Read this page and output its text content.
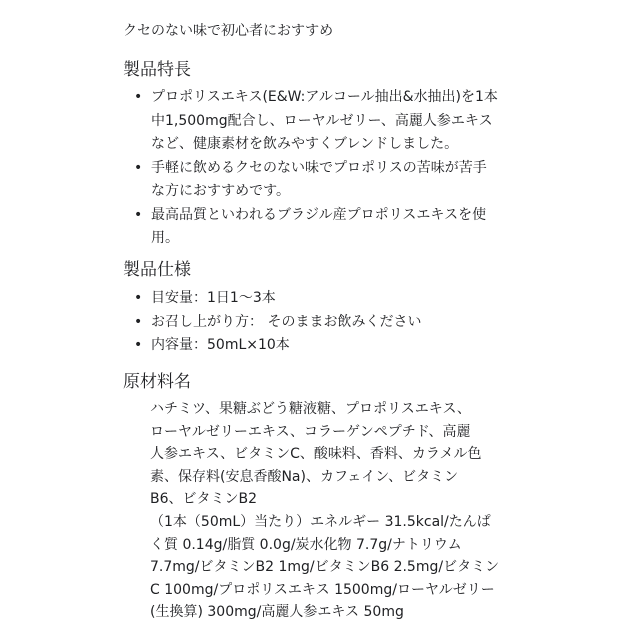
クセのない味で初心者におすすめ
製品特長
• プロポリスエキス(E&W:アルコール抽出&水抽出)を1本
中1,500mg配合し、ローヤルゼリー、高麗人参エキス
など、健康素材を飲みやすくブレンドしました。
• 手軽に飲めるクセのない味でプロポリスの苦味が苦手
な方におすすめです。
• 最高品質といわれるブラジル産プロポリスエキスを使
用。
製品仕様
• 目安量：1日1〜3本
• お召し上がり方： そのままお飲みください
• 内容量：50mL×10本
原材料名
ハチミツ、果糖ぶどう糖液糖、プロポリスエキス、
ローヤルゼリーエキス、コラーゲンペプチド、高麗
人参エキス、ビタミンC、酸味料、香料、カラメル色
素、保存料(安息香酸Na)、カフェイン、ビタミン
B6、ビタミンB2
（1本（50mL）当たり）エネルギー 31.5kcal/たんぱ
く質 0.14g/脂質 0.0g/炭水化物 7.7g/ナトリウム
7.7mg/ビタミンB2 1mg/ビタミンB6 2.5mg/ビタミン
C 100mg/プロポリスエキス 1500mg/ローヤルゼリー
(生換算) 300mg/高麗人参エキス 50mg
